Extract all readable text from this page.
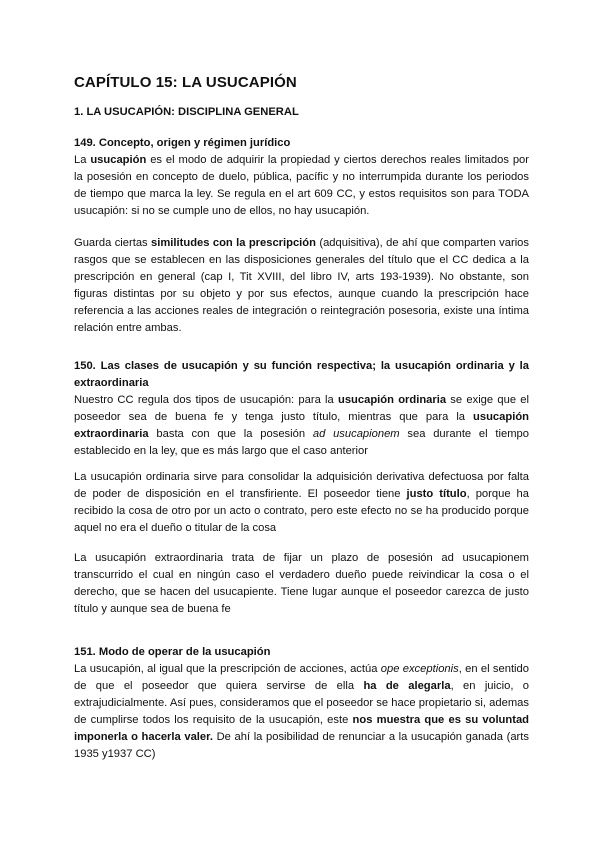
CAPÍTULO 15: LA USUCAPIÓN
1. LA USUCAPIÓN: DISCIPLINA GENERAL
149. Concepto, origen y régimen jurídico

La usucapión es el modo de adquirir la propiedad y ciertos derechos reales limitados por la posesión en concepto de duelo, pública, pacífic y no interrumpida durante los periodos de tiempo que marca la ley. Se regula en el art 609 CC, y estos requisitos son para TODA usucapión: si no se cumple uno de ellos, no hay usucapión.

Guarda ciertas similitudes con la prescripción (adquisitiva), de ahí que comparten varios rasgos que se establecen en las disposiciones generales del título que el CC dedica a la prescripción en general (cap I, Tit XVIII, del libro IV, arts 193-1939). No obstante, son figuras distintas por su objeto y por sus efectos, aunque cuando la prescripción hace referencia a las acciones reales de integración o reintegración posesoria, existe una íntima relación entre ambas.

150. Las clases de usucapión y su función respectiva; la usucapión ordinaria y la extraordinaria

Nuestro CC regula dos tipos de usucapión: para la usucapión ordinaria se exige que el poseedor sea de buena fe y tenga justo título, mientras que para la usucapión extraordinaria basta con que la posesión ad usucapionem sea durante el tiempo establecido en la ley, que es más largo que el caso anterior

La usucapión ordinaria sirve para consolidar la adquisición derivativa defectuosa por falta de poder de disposición en el transfiriente. El poseedor tiene justo título, porque ha recibido la cosa de otro por un acto o contrato, pero este efecto no se ha producido porque aquel no era el dueño o titular de la cosa

La usucapión extraordinaria trata de fijar un plazo de posesión ad usucapionem transcurrido el cual en ningún caso el verdadero dueño puede reivindicar la cosa o el derecho, que se hacen del usucapiente. Tiene lugar aunque el poseedor carezca de justo título y aunque sea de buena fe

151. Modo de operar de la usucapión

La usucapión, al igual que la prescripción de acciones, actúa ope exceptionis, en el sentido de que el poseedor que quiera servirse de ella ha de alegarla, en juicio, o extrajudicialmente. Así pues, consideramos que el poseedor se hace propietario si, ademas de cumplirse todos los requisito de la usucapión, este nos muestra que es su voluntad imponerla o hacerla valer. De ahí la posibilidad de renunciar a la usucapión ganada (arts 1935 y1937 CC)
